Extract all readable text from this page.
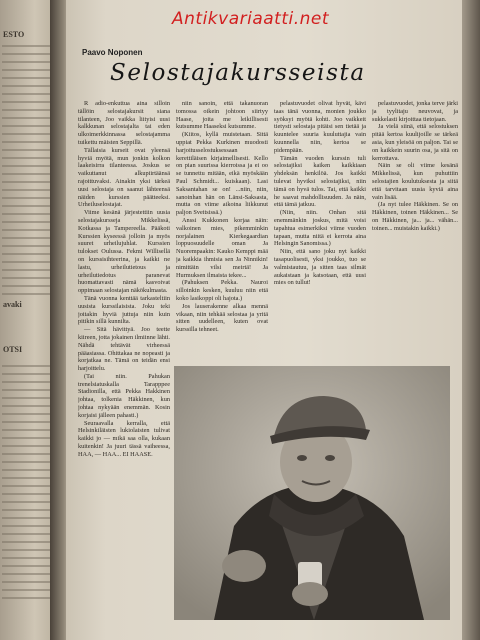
ESTO
avaki
OTSI
Paavo Noponen
Selostajakursseista
Antikvariaatti.net

R adio-enkuttua aina silloin tällöin selostajakursit siana tilanteen, Joo vaikka liityisi uusi kalkkunan selostajalta tai eden ulkoimerkkinnassa selostajamma tuikettu mäisten Seppillä.

Tällaisia kurseit ovat yleensä hyviä myötä, mun jonkin kolkon laakeisirra tilanteessa. Joskus se vaikuttanut alkupiirtäänsä rajoittuvaksi. Ainakin yksi tärkeä uusi selostaja on saanut lähteensä näiden kurssien päätteeksi. Urheiluselostajat.

Viime kesänä järjestettiin uusia selostajakursseja Mikkelissä, Kotkassa ja Tampereella. Pääkoti Kurssien kyseessä jolloin ja myös suuret urheilujuhlat. Kurssien tulokset Oulussa. Fekmi Willisellä on kurssisihteerina, ja kaikki ne lastu, urheilutietous ja urheilutiedotus paranevat huomattavasti nämä kasvoivat oppimaan selostajan näkökulmasta.

Tänä vuonna kenttää tarkasteltiin uusista kurssilaisista. Joku teki joitakin hyviä juttuja niin kuin pitikin sillä kunnilta.

— Sitä hävittyä. Joo teette kiireen, jotta jokainen ilmiinne lähti. Nähdä tehtävät virheessä pääasiassa. Ohittakaa ne nopeasti ja korjatkaa ne. Tämä on teidän ensi harjoittelu.

(Tai niin. Pahukan trenelsiatuskalla Tarapppee Stadionilla, että Pekka Hakkinen johtaa, tolkenia Häkkinen, kun johtaa nykyään enemmän. Kosin korjaisi jälleen pahasti.)

Seuraavalla kerralla, että Helsinkiläisten lukiolaisten tulivat kaikki jo — mikä saa olla, kukaan kuitenkin! Ja juuri tässä vaiheessa, HAA, — HAA... EI HAASE.

niin sanoin, että takanuoran tomossa oikein johtoon siirtyy Haase, joita me leikillisesti kutsumme Haaseksi kutsumme.

(Kiitos, kyllä muistetaan. Sittä uppiat Pekka Kurkinen muodosti harjoitusselostuksessaan kerettiläisen kirjaimellisesti. Kello on pian suurissa kierroissa ja ei oo se tunnettu mitään, eikä myöskään Paul Schmidt... kuiskaan). Lasi Saksantahan se on! ...niin, niin, sanoinhan hän on Länsi-Saksasta, mutta on viime aikoina liikkunut paljon Sveitsissä.)

Anssi Kukkonen korjaa näin: valkoinen mies, pikemminkin norjalainen Kierkegaardian loppuosuudelle oman Ja Nuorempaakin: Kauko Kemppi mää ja kaikkia ihmisia sen Ja Ninnikin! nimittäin vilsi meirtä! Ja Hurmuksen ilmaista tekee...

(Pahuksen Pekka. Nauroi silloinkin kesken, kuuluu niin että koko lasikoppi oli hajota.)

Jos lauserakenne alkaa mennä vikaan, niin tehkää selostaa ja yritä sitten uudelleen, kuten ovat kurssilla tehneet.

pelastuvuodet olivat hyvät, kävi taas tänä vuonna, monien joukko syöksyi myötä kohti. Joo vaikkeit tietysti selostaja pitäisi sen tietää ja kuuntelee suuria kuuluttajia vain kuunnella niin, kertoa se pidempään.

Tämän vuoden kurssin tuli selostajiksi kaiken kaikkiaan yhdeksän henkilöä. Jos kaikki tulevat hyviksi selostajiksi, niin tämä on hyvä tulos. Tai, että kaikki he saavat mahdollisuuden. Ja näin, että tämä jatkuu.

(Niin, niin. Onhan sitä enemmänkin joskus, mitä voisi tapahtua esimerkiksi viime vuoden tapaan, mutta niitä ei kerrota aina Helsingin Sanomissa.)

Niin, että sano joku nyt kaikki tasapuolisesti, yksi joukko, tuo se valmistautuu, ja sitten taas silmät aukaistaan ja katsotaan, että uusi mies on tullut!

pelastuvuodet, jonka terve järki ja tyylitaju neuvovat, ja sukkelasti kirjoittaa tietojaan.

Ja vielä siinä, että selostuksen pitää kertoa kuulijoille se tärkeä asia, kun yleisöä on paljon. Tai se on kaikkein suurin osa, ja sitä on kerrottava.

Näin se oli viime kesänä Mikkelissä, kun puhuttiin selostajien koulutuksesta ja siitä että tarvitaan uusia kyviä aina vain lisää.

(Ja nyt tulee Häkkinen. Se on Häkkinen, toinen Häkkinen... Se on Häkkinen, ja... ja... vähän... toinen... muistakin kaikki.)
